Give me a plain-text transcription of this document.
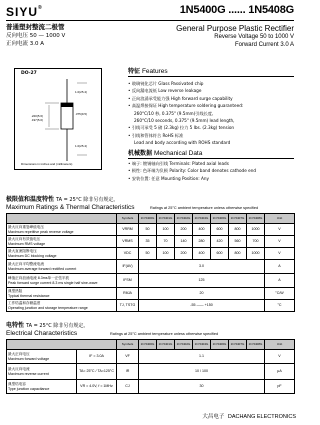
SIYU®	1N5400G ...... 1N5408G
普通塑封整流二极管
反向电压 50 — 1000 V
正向电流 3.0 A
General Purpose Plastic Rectifier
Reverse Voltage 50 to 1000 V
Forward Current 3.0 A
DO-27
.220(5.6)
.197(5.0)
1.0(25.4)
1.0(25.4)
.375(9.5)
Dimensions in inches and (millimeters)
特征 Features
• 玻璃钝化芯片 Glass Passivated chip
• 反向漏电流低 Low reverse leakage
• 正向浪涌承受能力强 High forward surge capability
• 高温焊接保证 High temperature soldering guaranteed:
260°C/10 秒, 0.375" (9.5mm)引线长度,
260°C/10 seconds, 0.375" (9.5mm) lead length,
• 引线可承受 5 磅 (2.3kg) 拉力 5 lbs. (2.3kg) tension
• 引线和管体符合 RoHS 标准
Lead and body according with ROHS standard
机械数据 Mechanical Data
• 端子: 镀锡轴向引线 Terminals: Plated axial leads
• 极性: 色环端为负极 Polarity: Color band denotes cathode end
• 安装位置: 任意 Mounting Position: Any
极限值和温度特性 TA = 25°C 除非另有规定。
Maximum Ratings & Thermal Characteristics	Ratings at 25°C ambient temperature unless otherwise specified
	Symbols	1N 5400G	1N 5401G	1N 5402G	1N 5404G	1N 5406G	1N 5407G	1N 5408G	Unit

最大反向重复峰值电压
Maximum repetitive peak reverse voltage	VRRM	50	100	200	400	600	800	1000	V

最大反向有效值电压
Maximum RMS voltage	VRMS	35	70	140	280	420	560	700	V

最大直流阻断电压
Maximum DC blocking voltage	VDC	50	100	200	400	600	800	1000	V

最大正向平均整流电流
Maximum average forward rectified current	IF(AV)	3.0							A

峰值正向浪涌电流 8.3ms单一正弦半波
Peak forward surge current 8.3 ms single half sine-wave	IFSM	125							A

典型热阻
Typical thermal resistance	RθJA	20							°C/W

工作结温和存储温度
Operating junction and storage temperature range	TJ, TSTG	-55 —— +150							°C
电特性 TA = 25°C 除非另有规定。
Electrical Characteristics	Ratings at 25°C ambient temperature unless otherwise specified
		Symbols	1N 5400G	1N 5401G	1N 5402G	1N 5404G	1N 5406G	1N 5407G	1N 5408G	Unit

最大正向电压
Maximum forward voltage	IF = 3.0A	VF	1.1							V

最大反向电流
Maximum reverse current	TA= 25°C / TA=125°C	IR	10 / 100							μA

典型结电容
Type junction capacitance	VR = 4.0V, f = 1MHz	CJ	30							pF
大昌电子 DACHANG ELECTRONICS
